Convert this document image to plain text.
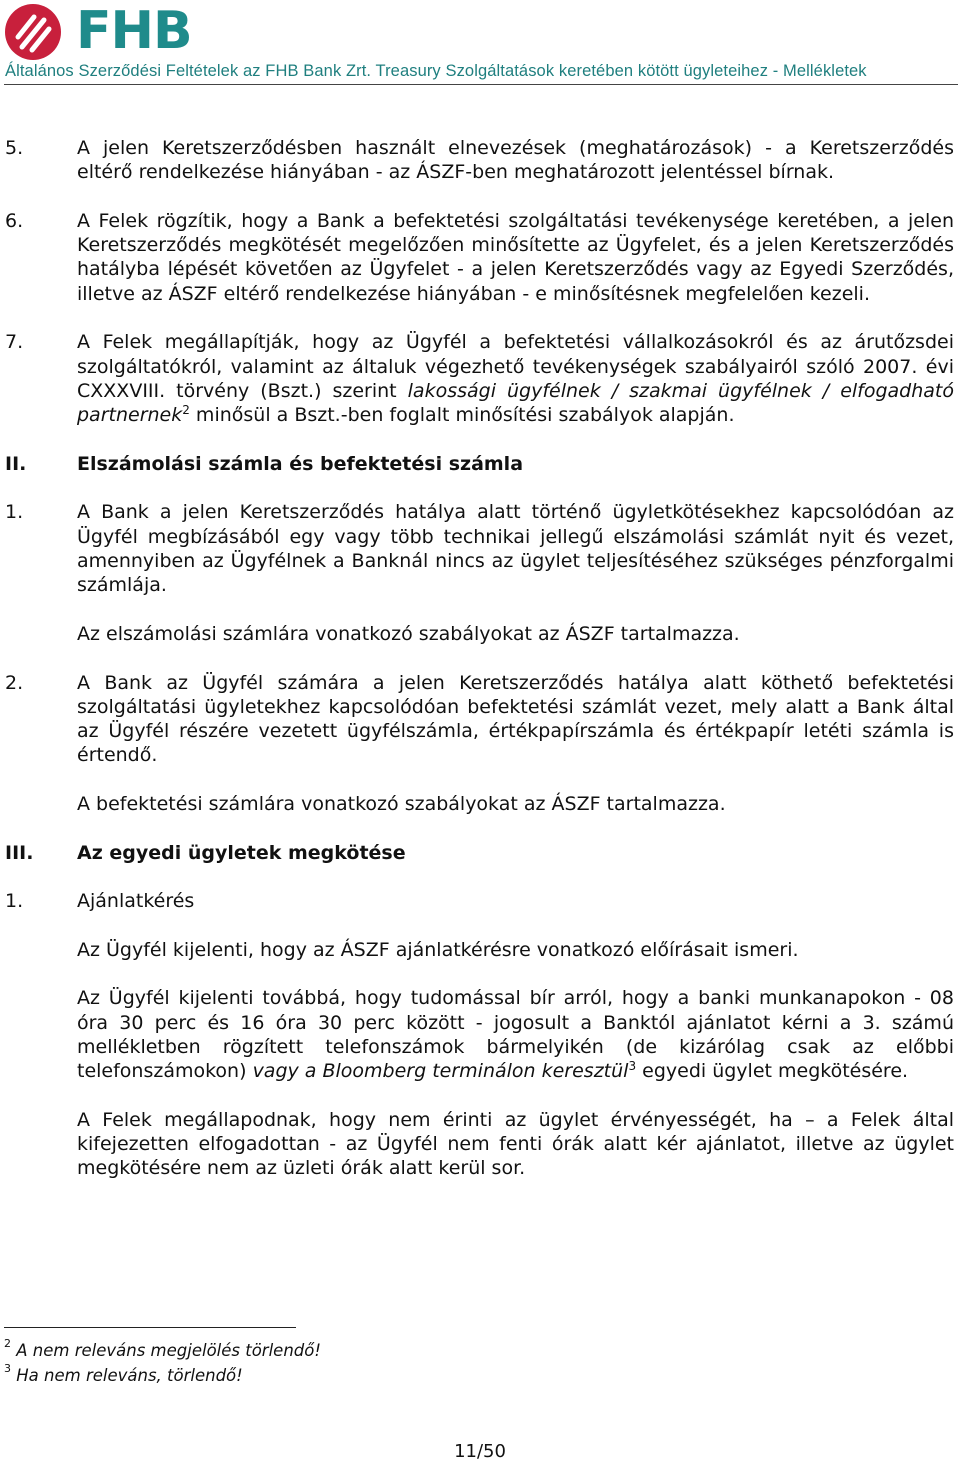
FHB
Általános Szerződési Feltételek az FHB Bank Zrt. Treasury Szolgáltatások keretében kötött ügyleteihez - Mellékletek
5.	A jelen Keretszerződésben használt elnevezések (meghatározások) - a Keretszerződés eltérő rendelkezése hiányában - az ÁSZF-ben meghatározott jelentéssel bírnak.

6.	A Felek rögzítik, hogy a Bank a befektetési szolgáltatási tevékenysége keretében, a jelen Keretszerződés megkötését megelőzően minősítette az Ügyfelet, és a jelen Keretszerződés hatályba lépését követően az Ügyfelet - a jelen Keretszerződés vagy az Egyedi Szerződés, illetve az ÁSZF eltérő rendelkezése hiányában - e minősítésnek megfelelően kezeli.

7.	A Felek megállapítják, hogy az Ügyfél a befektetési vállalkozásokról és az árutőzsdei szolgáltatókról, valamint az általuk végezhető tevékenységek szabályairól szóló 2007. évi CXXXVIII. törvény (Bszt.) szerint lakossági ügyfélnek / szakmai ügyfélnek / elfogadható partnernek$^2$ minősül a Bszt.-ben foglalt minősítési szabályok alapján.

II.	Elszámolási számla és befektetési számla
1.	A Bank a jelen Keretszerződés hatálya alatt történő ügyletkötésekhez kapcsolódóan az Ügyfél megbízásából egy vagy több technikai jellegű elszámolási számlát nyit és vezet, amennyiben az Ügyfélnek a Banknál nincs az ügylet teljesítéséhez szükséges pénzforgalmi számlája.

Az elszámolási számlára vonatkozó szabályokat az ÁSZF tartalmazza.

2.	A Bank az Ügyfél számára a jelen Keretszerződés hatálya alatt köthető befektetési szolgáltatási ügyletekhez kapcsolódóan befektetési számlát vezet, mely alatt a Bank által az Ügyfél részére vezetett ügyfélszámla, értékpapírszámla és értékpapír letéti számla is értendő.

A befektetési számlára vonatkozó szabályokat az ÁSZF tartalmazza.

III. Az egyedi ügyletek megkötése
1.	Ajánlatkérés

Az Ügyfél kijelenti, hogy az ÁSZF ajánlatkérésre vonatkozó előírásait ismeri.

Az Ügyfél kijelenti továbbá, hogy tudomással bír arról, hogy a banki munkanapokon - 08 óra 30 perc és 16 óra 30 perc között - jogosult a Banktól ajánlatot kérni a 3. számú mellékletben rögzített telefonszámok bármelyikén (de kizárólag csak az előbbi telefonszámokon) vagy a Bloomberg terminálon keresztül$^3$ egyedi ügylet megkötésére.

A Felek megállapodnak, hogy nem érinti az ügylet érvényességét, ha – a Felek által kifejezetten elfogadottan - az Ügyfél nem fenti órák alatt kér ajánlatot, illetve az ügylet megkötésére nem az üzleti órák alatt kerül sor.

$^2$ A nem releváns megjelölés törlendő!
$^3$ Ha nem releváns, törlendő!
11/50
